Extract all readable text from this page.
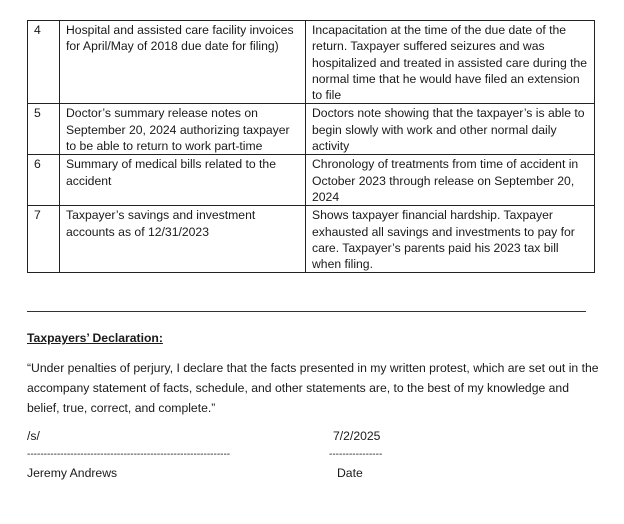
4	Hospital and assisted care facility invoices for April/May of 2018 due date for filing)	Incapacitation at the time of the due date of the return. Taxpayer suffered seizures and was hospitalized and treated in assisted care during the normal time that he would have filed an extension to file
5	Doctor’s summary release notes on September 20, 2024 authorizing taxpayer to be able to return to work part-time	Doctors note showing that the taxpayer’s is able to begin slowly with work and other normal daily activity
6	Summary of medical bills related to the accident	Chronology of treatments from time of accident in October 2023 through release on September 20, 2024
7	Taxpayer’s savings and investment accounts as of 12/31/2023	Shows taxpayer financial hardship. Taxpayer exhausted all savings and investments to pay for care. Taxpayer’s parents paid his 2023 tax bill when filing.
Taxpayers’ Declaration:
“Under penalties of perjury, I declare that the facts presented in my written protest, which are set out in the accompany statement of facts, schedule, and other statements are, to the best of my knowledge and belief, true, correct, and complete.”
/s/	7/2/2025
-------------------------------------------------------------	----------------
Jeremy Andrews	Date
